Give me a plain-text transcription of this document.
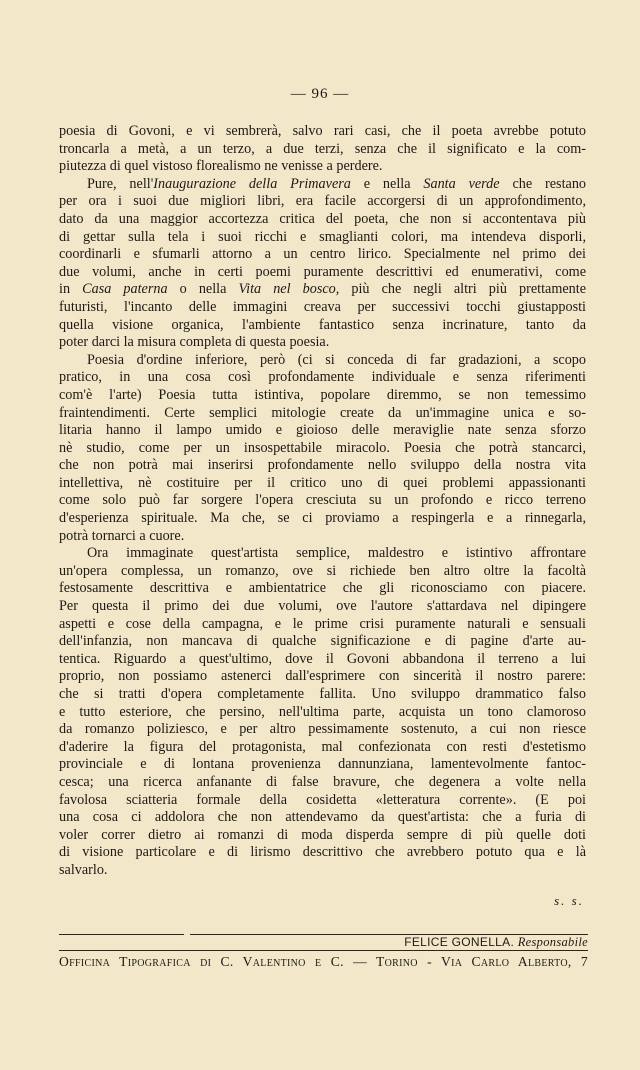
— 96 —
poesia di Govoni, e vi sembrerà, salvo rari casi, che il poeta avrebbe potuto
troncarla a metà, a un terzo, a due terzi, senza che il significato e la com-
piutezza di quel vistoso florealismo ne venisse a perdere.
Pure, nell'Inaugurazione della Primavera e nella Santa verde che restano
per ora i suoi due migliori libri, era facile accorgersi di un approfondimento,
dato da una maggior accortezza critica del poeta, che non si accontentava più
di gettar sulla tela i suoi ricchi e smaglianti colori, ma intendeva disporli,
coordinarli e sfumarli attorno a un centro lirico. Specialmente nel primo dei
due volumi, anche in certi poemi puramente descrittivi ed enumerativi, come
in Casa paterna o nella Vita nel bosco, più che negli altri più prettamente
futuristi, l'incanto delle immagini creava per successivi tocchi giustapposti
quella visione organica, l'ambiente fantastico senza incrinature, tanto da
poter darci la misura completa di questa poesia.
Poesia d'ordine inferiore, però (ci si conceda di far gradazioni, a scopo
pratico, in una cosa così profondamente individuale e senza riferimenti
com'è l'arte) Poesia tutta istintiva, popolare diremmo, se non temessimo
fraintendimenti. Certe semplici mitologie create da un'immagine unica e so-
litaria hanno il lampo umido e gioioso delle meraviglie nate senza sforzo
nè studio, come per un insospettabile miracolo. Poesia che potrà stancarci,
che non potrà mai inserirsi profondamente nello sviluppo della nostra vita
intellettiva, nè costituire per il critico uno di quei problemi appassionanti
come solo può far sorgere l'opera cresciuta su un profondo e ricco terreno
d'esperienza spirituale. Ma che, se ci proviamo a respingerla e a rinnegarla,
potrà tornarci a cuore.
Ora immaginate quest'artista semplice, maldestro e istintivo affrontare
un'opera complessa, un romanzo, ove si richiede ben altro oltre la facoltà
festosamente descrittiva e ambientatrice che gli riconosciamo con piacere.
Per questa il primo dei due volumi, ove l'autore s'attardava nel dipingere
aspetti e cose della campagna, e le prime crisi puramente naturali e sensuali
dell'infanzia, non mancava di qualche significazione e di pagine d'arte au-
tentica. Riguardo a quest'ultimo, dove il Govoni abbandona il terreno a lui
proprio, non possiamo astenerci dall'esprimere con sincerità il nostro parere:
che si tratti d'opera completamente fallita. Uno sviluppo drammatico falso
e tutto esteriore, che persino, nell'ultima parte, acquista un tono clamoroso
da romanzo poliziesco, e per altro pessimamente sostenuto, a cui non riesce
d'aderire la figura del protagonista, mal confezionata con resti d'estetismo
provinciale e di lontana provenienza dannunziana, lamentevolmente fantoc-
cesca; una ricerca anfanante di false bravure, che degenera a volte nella
favolosa sciatteria formale della cosidetta «letteratura corrente». (E poi
una cosa ci addolora che non attendevamo da quest'artista: che a furia di
voler correr dietro ai romanzi di moda disperda sempre di più quelle doti
di visione particolare e di lirismo descrittivo che avrebbero potuto qua e là
salvarlo.
s. s.
FELICE GONELLA. Responsabile
Officina Tipografica di C. Valentino e C. — Torino - Via Carlo Alberto, 7
